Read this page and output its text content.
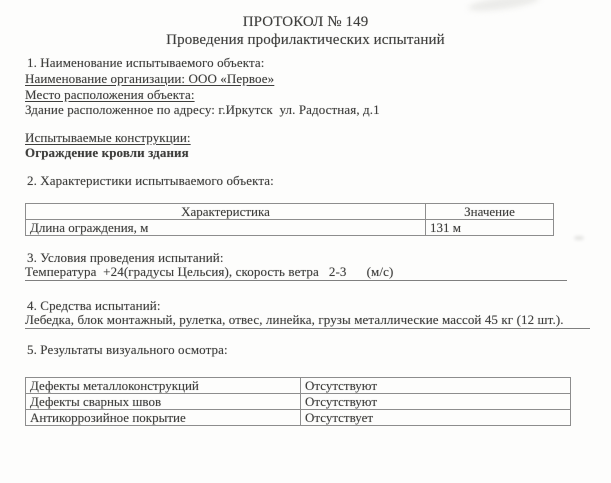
ПРОТОКОЛ № 149
Проведения профилактических испытаний
1. Наименование испытываемого объекта:
Наименование организации: ООО «Первое»
Место расположения объекта:
Здание расположенное по адресу: г.Иркутск  ул. Радостная, д.1
Испытываемые конструкции:
Ограждение кровли здания
2. Характеристики испытываемого объекта:
Характеристика	Значение
Длина ограждения, м	131 м
3. Условия проведения испытаний:
Температура  +24(градусы Цельсия), скорость ветра   2-3      (м/с)
4. Средства испытаний:
Лебедка, блок монтажный, рулетка, отвес, линейка, грузы металлические массой 45 кг (12 шт.).
5. Результаты визуального осмотра:
Дефекты металлоконструкций	Отсутствуют
Дефекты сварных швов	Отсутствуют
Антикоррозийное покрытие	Отсутствует
